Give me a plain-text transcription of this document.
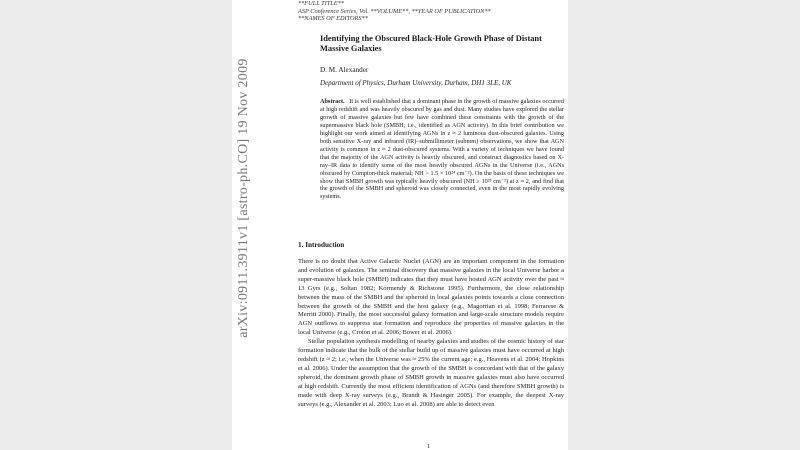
arXiv:0911.3911v1 [astro-ph.CO] 19 Nov 2009
**FULL TITLE**
ASP Conference Series, Vol. **VOLUME**, **YEAR OF PUBLICATION**
**NAMES OF EDITORS**
Identifying the Obscured Black-Hole Growth Phase of Distant Massive Galaxies
D. M. Alexander
Department of Physics, Durham University, Durham, DH1 3LE, UK
Abstract. It is well established that a dominant phase in the growth of massive galaxies occurred at high redshift and was heavily obscured by gas and dust. Many studies have explored the stellar growth of massive galaxies but few have combined these constraints with the growth of the supermassive black hole (SMBH; i.e., identified as AGN activity). In this brief contribution we highlight our work aimed at identifying AGNs in z ≈ 2 luminous dust-obscured galaxies. Using both sensitive X-ray and infrared (IR)–submillimeter (submm) observations, we show that AGN activity is common in z ≈ 2 dust-obscured systems. With a variety of techniques we have found that the majority of the AGN activity is heavily obscured, and construct diagnostics based on X-ray–IR data to identify some of the most heavily obscured AGNs in the Universe (i.e., AGNs obscured by Compton-thick material; NH > 1.5 × 10²⁴ cm⁻²). On the basis of these techniques we show that SMBH growth was typically heavily obscured (NH ≥ 10²³ cm⁻²) at z ≈ 2, and find that the growth of the SMBH and spheroid was closely connected, even in the most rapidly evolving systems.
1. Introduction

There is no doubt that Active Galactic Nuclei (AGN) are an important component in the formation and evolution of galaxies. The seminal discovery that massive galaxies in the local Universe harbor a super-massive black hole (SMBH) indicates that they must have hosted AGN activity over the past ≈ 13 Gyrs (e.g., Soltan 1982; Kormendy & Richstone 1995). Furthermore, the close relationship between the mass of the SMBH and the spheroid in local galaxies points towards a close connection between the growth of the SMBH and the host galaxy (e.g., Magorrian et al. 1998; Ferrarese & Merritt 2000). Finally, the most successful galaxy formation and large-scale structure models require AGN outflows to suppress star formation and reproduce the properties of massive galaxies in the local Universe (e.g., Croton et al. 2006; Bower et al. 2006).

Stellar population synthesis modelling of nearby galaxies and studies of the cosmic history of star formation indicate that the bulk of the stellar build up of massive galaxies must have occurred at high redshift (z ≈ 2; i.e., when the Universe was ≈ 25% the current age; e.g., Heavens et al. 2004; Hopkins et al. 2006). Under the assumption that the growth of the SMBH is concordant with that of the galaxy spheroid, the dominant growth phase of SMBH growth in massive galaxies must also have occurred at high redshift. Currently the most efficient identification of AGNs (and therefore SMBH growth) is made with deep X-ray surveys (e.g., Brandt & Hasinger 2005). For example, the deepest X-ray surveys (e.g., Alexander et al. 2003; Luo et al. 2008) are able to detect even

1
